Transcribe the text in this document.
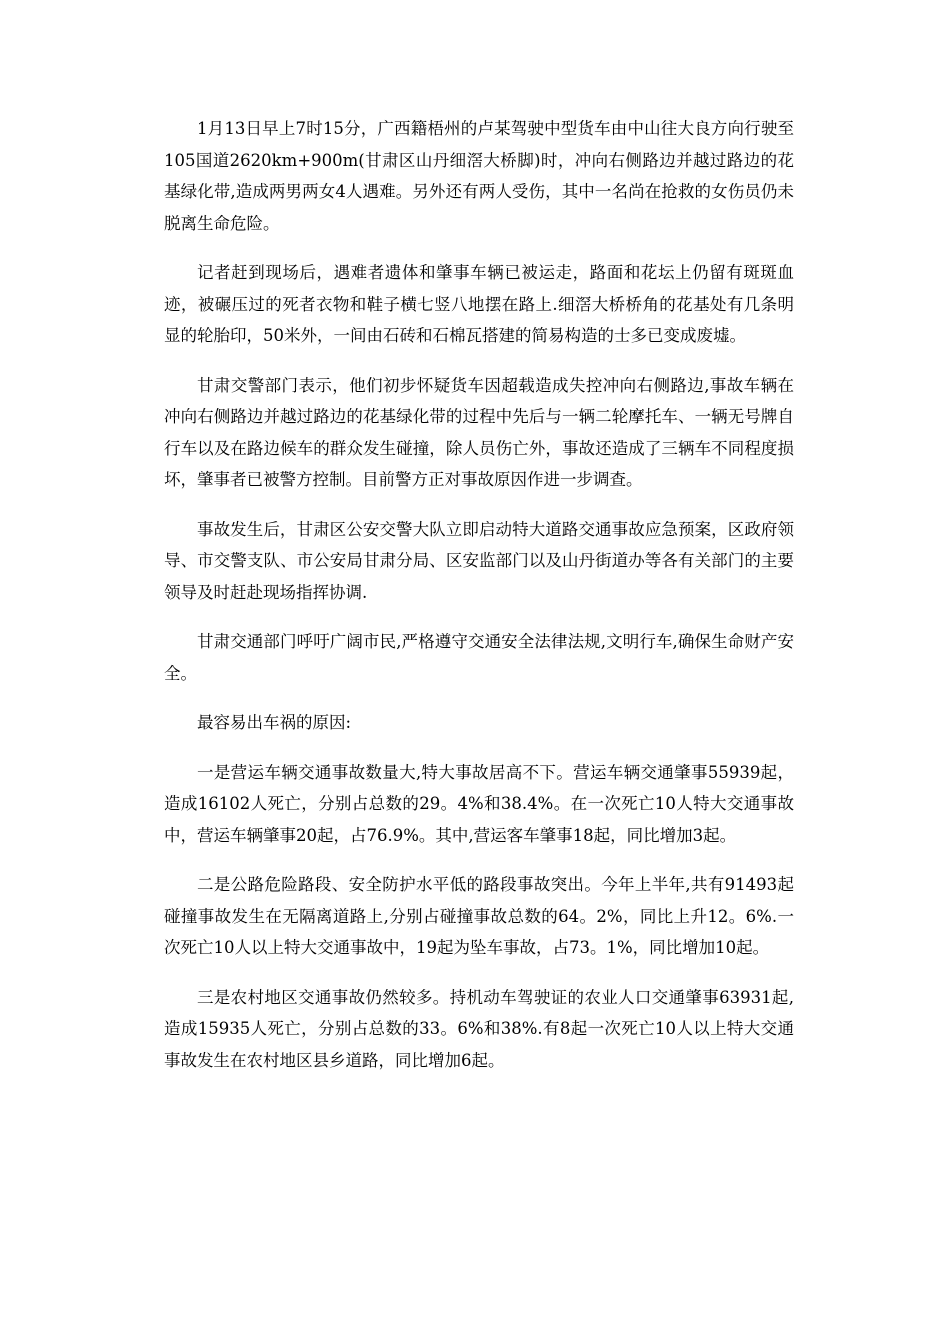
1月13日早上7时15分，广西籍梧州的卢某驾驶中型货车由中山往大良方向行驶至105国道2620km+900m(甘肃区山丹细滘大桥脚)时，冲向右侧路边并越过路边的花基绿化带,造成两男两女4人遇难。另外还有两人受伤，其中一名尚在抢救的女伤员仍未脱离生命危险。

记者赶到现场后，遇难者遗体和肇事车辆已被运走，路面和花坛上仍留有斑斑血迹，被碾压过的死者衣物和鞋子横七竖八地摆在路上.细滘大桥桥角的花基处有几条明显的轮胎印，50米外，一间由石砖和石棉瓦搭建的简易构造的士多已变成废墟。

甘肃交警部门表示，他们初步怀疑货车因超载造成失控冲向右侧路边,事故车辆在冲向右侧路边并越过路边的花基绿化带的过程中先后与一辆二轮摩托车、一辆无号牌自行车以及在路边候车的群众发生碰撞，除人员伤亡外，事故还造成了三辆车不同程度损坏，肇事者已被警方控制。目前警方正对事故原因作进一步调查。

事故发生后，甘肃区公安交警大队立即启动特大道路交通事故应急预案，区政府领导、市交警支队、市公安局甘肃分局、区安监部门以及山丹街道办等各有关部门的主要领导及时赶赴现场指挥协调.

甘肃交通部门呼吁广阔市民,严格遵守交通安全法律法规,文明行车,确保生命财产安全。

最容易出车祸的原因:

一是营运车辆交通事故数量大,特大事故居高不下。营运车辆交通肇事55939起，造成16102人死亡，分别占总数的29。4%和38.4%。在一次死亡10人特大交通事故中，营运车辆肇事20起，占76.9%。其中,营运客车肇事18起，同比增加3起。

二是公路危险路段、安全防护水平低的路段事故突出。今年上半年,共有91493起碰撞事故发生在无隔离道路上,分别占碰撞事故总数的64。2%，同比上升12。6%.一次死亡10人以上特大交通事故中，19起为坠车事故，占73。1%，同比增加10起。

三是农村地区交通事故仍然较多。持机动车驾驶证的农业人口交通肇事63931起,造成15935人死亡，分别占总数的33。6%和38%.有8起一次死亡10人以上特大交通事故发生在农村地区县乡道路，同比增加6起。
